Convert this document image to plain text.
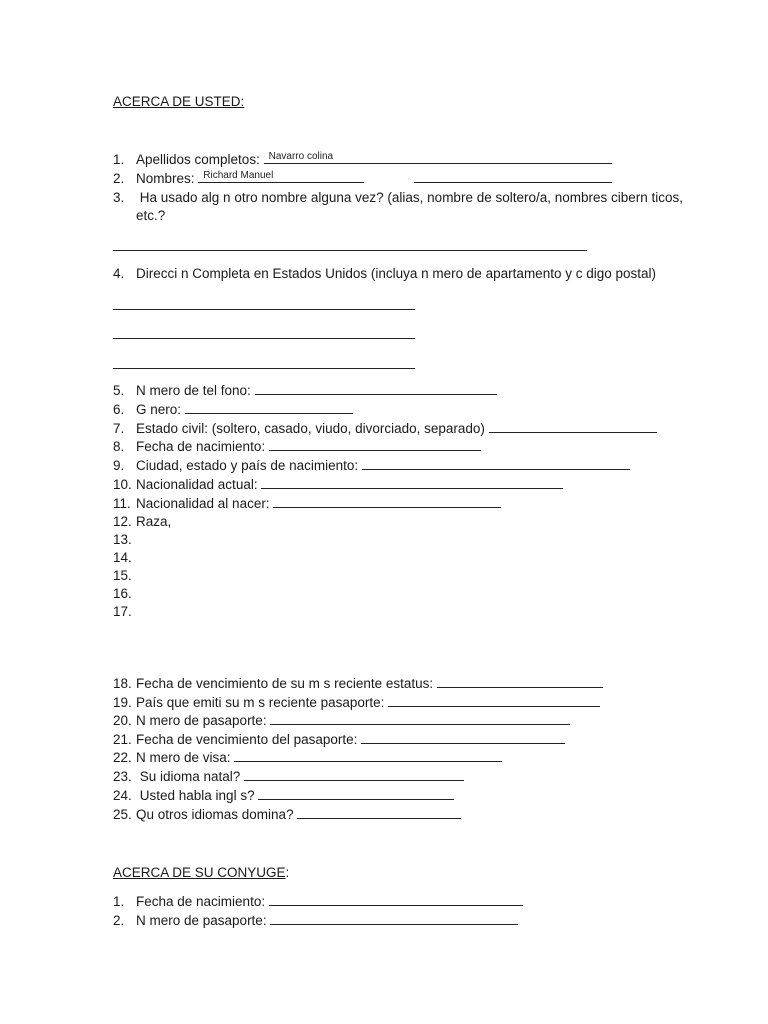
ACERCA DE USTED:
1. Apellidos completos: Navarro colina
2. Nombres: Richard Manuel

3. Ha usado alg n otro nombre alguna vez? (alias, nombre de soltero/a, nombres cibern ticos,
etc.?
4. Direcci n Completa en Estados Unidos (incluya n mero de apartamento y c digo postal)
5. N mero de tel fono:
6. G nero:
7. Estado civil: (soltero, casado, viudo, divorciado, separado)
8. Fecha de nacimiento:
9. Ciudad, estado y país de nacimiento:
10. Nacionalidad actual:
11. Nacionalidad al nacer:
12. Raza,
13.
14.
15.
16.
17.
18. Fecha de vencimiento de su m s reciente estatus:
19. País que emiti su m s reciente pasaporte:
20. N mero de pasaporte:
21. Fecha de vencimiento del pasaporte:
22. N mero de visa:
23. Su idioma natal?
24. Usted habla ingl s?
25. Qu otros idiomas domina?
ACERCA DE SU CONYUGE:
1. Fecha de nacimiento:
2. N mero de pasaporte:
